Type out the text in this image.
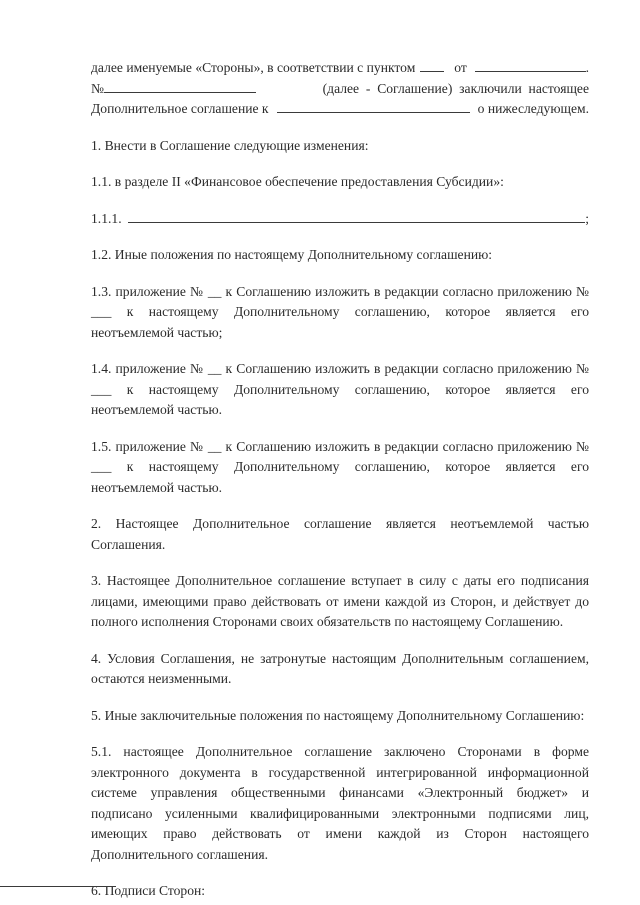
далее именуемые «Стороны», в соответствии с пунктом	от	.
№	(далее  -  Соглашение)  заключили  настоящее
Дополнительное соглашение к	о нижеследующем.

1. Внести в Соглашение следующие изменения:

1.1. в разделе II «Финансовое обеспечение предоставления Субсидии»:

1.1.1.	;

1.2. Иные положения по настоящему Дополнительному соглашению:

1.3. приложение № __ к Соглашению изложить в редакции согласно приложению № ___ к настоящему Дополнительному соглашению, которое является его неотъемлемой частью;

1.4. приложение № __ к Соглашению изложить в редакции согласно приложению № ___ к настоящему Дополнительному соглашению, которое является его неотъемлемой частью.

1.5. приложение № __ к Соглашению изложить в редакции согласно приложению № ___ к настоящему Дополнительному соглашению, которое является его неотъемлемой частью.

2. Настоящее Дополнительное соглашение является неотъемлемой частью Соглашения.

3. Настоящее Дополнительное соглашение вступает в силу с даты его подписания лицами, имеющими право действовать от имени каждой из Сторон, и действует до полного исполнения Сторонами своих обязательств по настоящему Соглашению.

4. Условия Соглашения, не затронутые настоящим Дополнительным соглашением, остаются неизменными.

5. Иные заключительные положения по настоящему Дополнительному Соглашению:

5.1. настоящее Дополнительное соглашение заключено Сторонами в форме электронного документа в государственной интегрированной информационной системе управления общественными финансами «Электронный бюджет» и подписано усиленными квалифицированными электронными подписями лиц, имеющих право действовать от имени каждой из Сторон настоящего Дополнительного соглашения.

6. Подписи Сторон:
